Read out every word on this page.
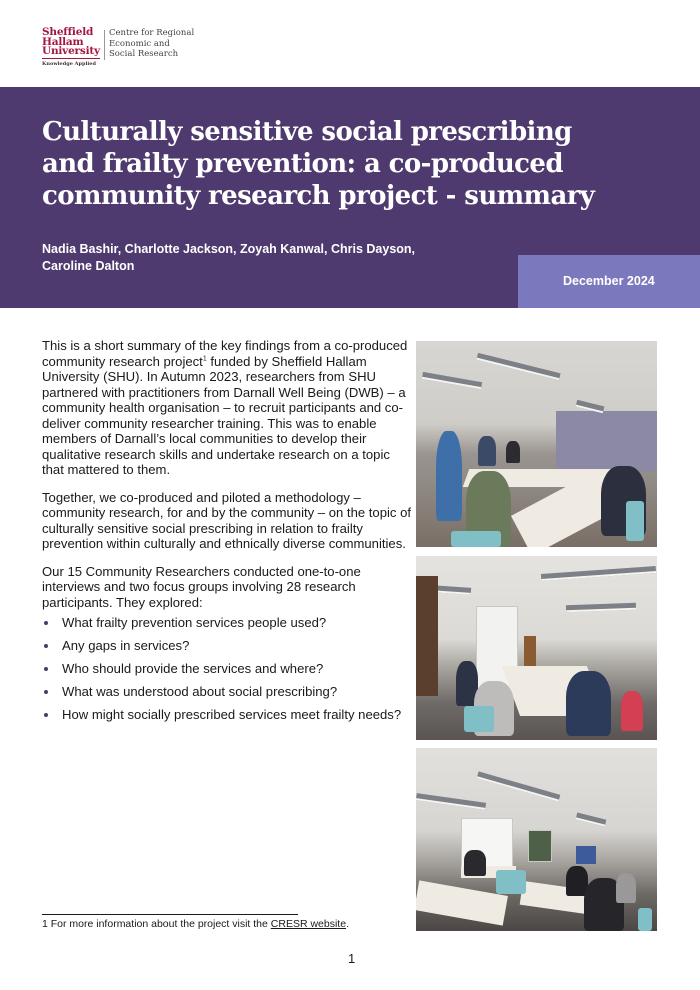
Sheffield
Hallam
University
Knowledge Applied
Centre for Regional
Economic and
Social Research
Culturally sensitive social prescribing
and frailty prevention: a co-produced
community research project - summary
Nadia Bashir, Charlotte Jackson, Zoyah Kanwal, Chris Dayson,
Caroline Dalton
December 2024

This is a short summary of the key findings from a co-produced community research project$^1$ funded by Sheffield Hallam University (SHU). In Autumn 2023, researchers from SHU partnered with practitioners from Darnall Well Being (DWB) – a community health organisation – to recruit participants and co-deliver community researcher training. This was to enable members of Darnall’s local communities to develop their qualitative research skills and undertake research on a topic that mattered to them.

Together, we co-produced and piloted a methodology – community research, for and by the community – on the topic of culturally sensitive social prescribing in relation to frailty prevention within culturally and ethnically diverse communities.

Our 15 Community Researchers conducted one-to-one interviews and two focus groups involving 28 research participants. They explored:

What frailty prevention services people used?
Any gaps in services?
Who should provide the services and where?
What was understood about social prescribing?
How might socially prescribed services meet frailty needs?
1 For more information about the project visit the CRESR website.
1
